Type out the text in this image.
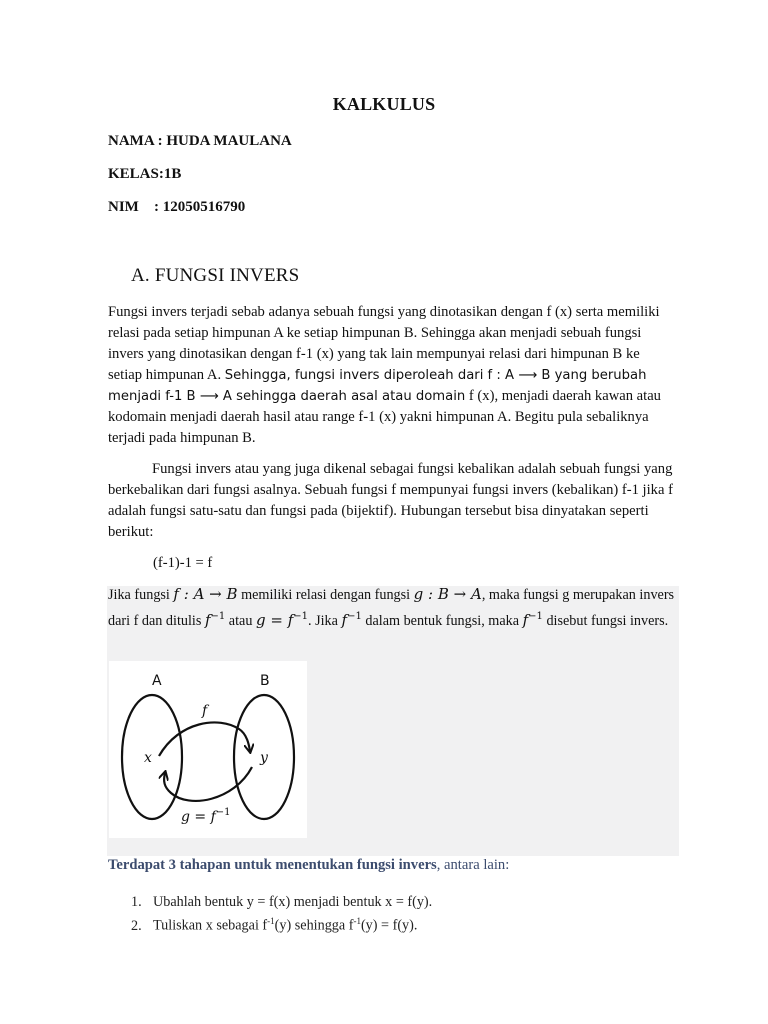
KALKULUS
NAMA : HUDA MAULANA
KELAS:1B
NIM : 12050516790
A. FUNGSI INVERS
Fungsi invers terjadi sebab adanya sebuah fungsi yang dinotasikan dengan f (x) serta memiliki relasi pada setiap himpunan A ke setiap himpunan B. Sehingga akan menjadi sebuah fungsi invers yang dinotasikan dengan f-1 (x) yang tak lain mempunyai relasi dari himpunan B ke setiap himpunan A. Sehingga, fungsi invers diperoleah dari f : A ⟶ B yang berubah menjadi f-1 B ⟶ A sehingga daerah asal atau domain f (x), menjadi daerah kawan atau kodomain menjadi daerah hasil atau range f-1 (x) yakni himpunan A. Begitu pula sebaliknya terjadi pada himpunan B.
Fungsi invers atau yang juga dikenal sebagai fungsi kebalikan adalah sebuah fungsi yang berkebalikan dari fungsi asalnya. Sebuah fungsi f mempunyai fungsi invers (kebalikan) f-1 jika f adalah fungsi satu-satu dan fungsi pada (bijektif). Hubungan tersebut bisa dinyatakan seperti berikut:
(f-1)-1 = f
Jika fungsi f : A → B memiliki relasi dengan fungsi g : B → A, maka fungsi g merupakan invers dari f dan ditulis $f^{-1}$ atau $g = f^{-1}$. Jika $f^{-1}$ dalam bentuk fungsi, maka $f^{-1}$ disebut fungsi invers.
A	B
f
x	y
$g = f^{-1}$
Terdapat 3 tahapan untuk menentukan fungsi invers, antara lain:
1. Ubahlah bentuk y = f(x) menjadi bentuk x = f(y).
2. Tuliskan x sebagai $f^{-1}(y)$ sehingga $f^{-1}(y) = f(y)$.
